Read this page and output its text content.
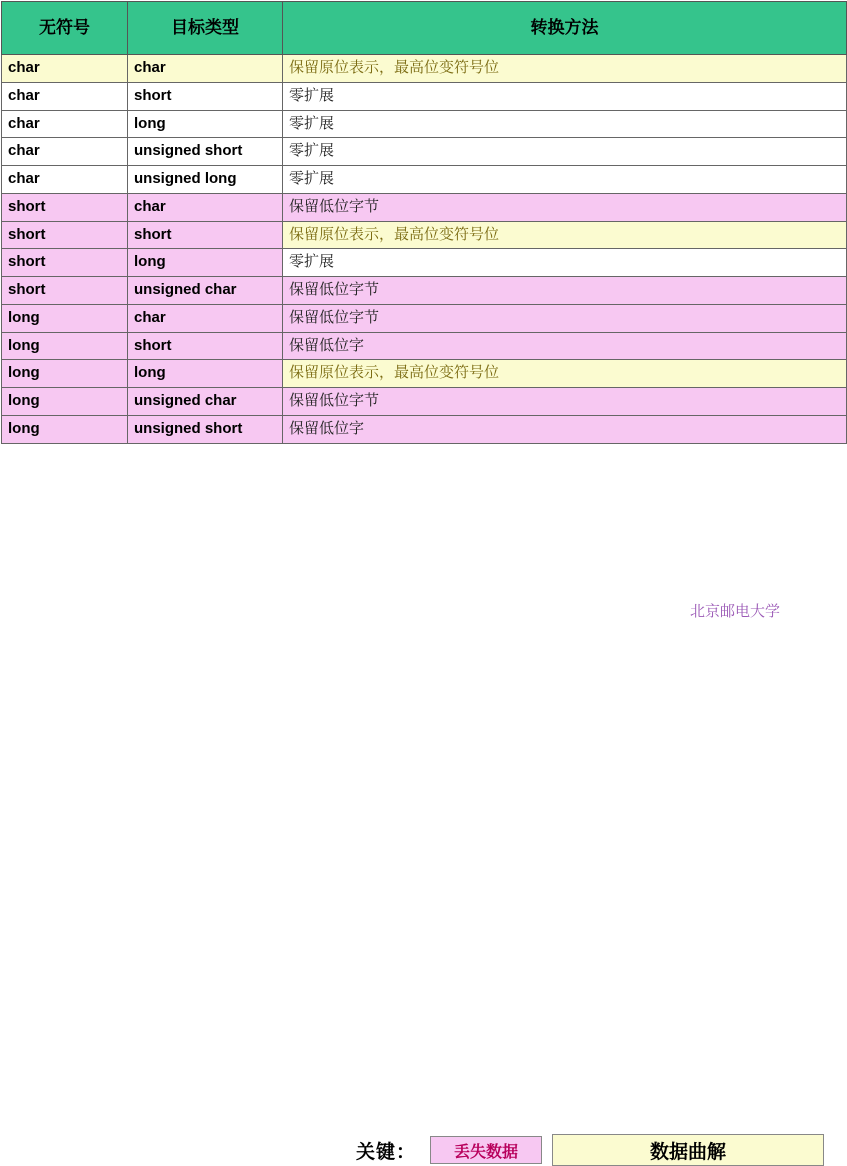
无符号	目标类型	转换方法
char	char	保留原位表示，最高位变符号位
char	short	零扩展
char	long	零扩展
char	unsigned short	零扩展
char	unsigned long	零扩展
short	char	保留低位字节
short	short	保留原位表示，最高位变符号位
short	long	零扩展
short	unsigned char	保留低位字节
long	char	保留低位字节
long	short	保留低位字
long	long	保留原位表示，最高位变符号位
long	unsigned char	保留低位字节
long	unsigned short	保留低位字
关键：	丢失数据	数据曲解
北京邮电大学
